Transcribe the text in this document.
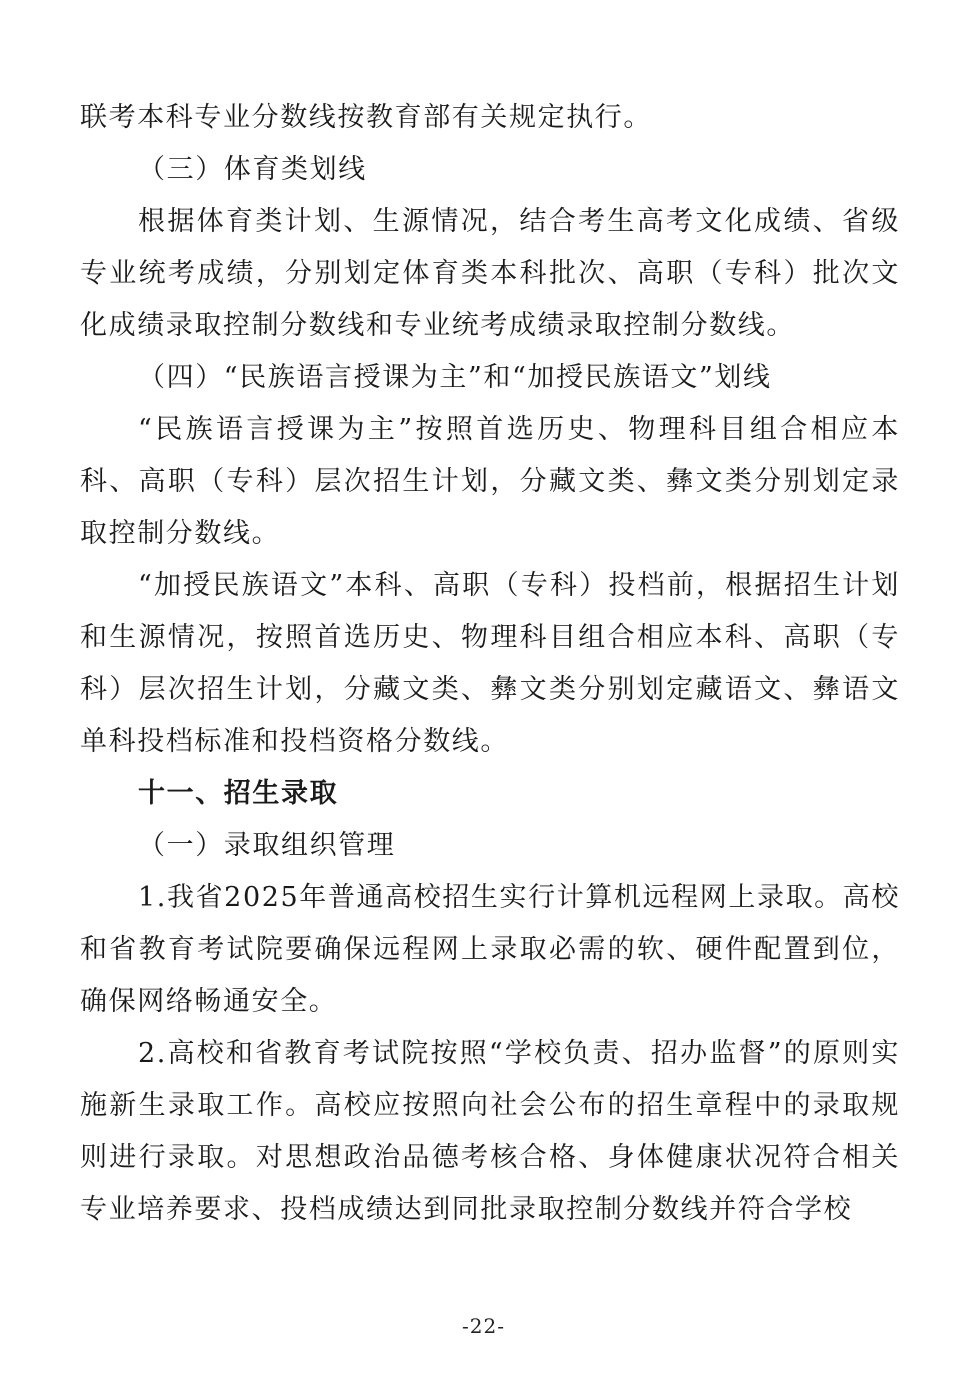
联考本科专业分数线按教育部有关规定执行。

（三）体育类划线

根据体育类计划、生源情况，结合考生高考文化成绩、省级专业统考成绩，分别划定体育类本科批次、高职（专科）批次文化成绩录取控制分数线和专业统考成绩录取控制分数线。

（四）“民族语言授课为主”和“加授民族语文”划线

“民族语言授课为主”按照首选历史、物理科目组合相应本科、高职（专科）层次招生计划，分藏文类、彝文类分别划定录取控制分数线。

“加授民族语文”本科、高职（专科）投档前，根据招生计划和生源情况，按照首选历史、物理科目组合相应本科、高职（专科）层次招生计划，分藏文类、彝文类分别划定藏语文、彝语文单科投档标准和投档资格分数线。

十一、招生录取

（一）录取组织管理

1.我省2025年普通高校招生实行计算机远程网上录取。高校和省教育考试院要确保远程网上录取必需的软、硬件配置到位，确保网络畅通安全。

2.高校和省教育考试院按照“学校负责、招办监督”的原则实施新生录取工作。高校应按照向社会公布的招生章程中的录取规则进行录取。对思想政治品德考核合格、身体健康状况符合相关专业培养要求、投档成绩达到同批录取控制分数线并符合学校

-22-
